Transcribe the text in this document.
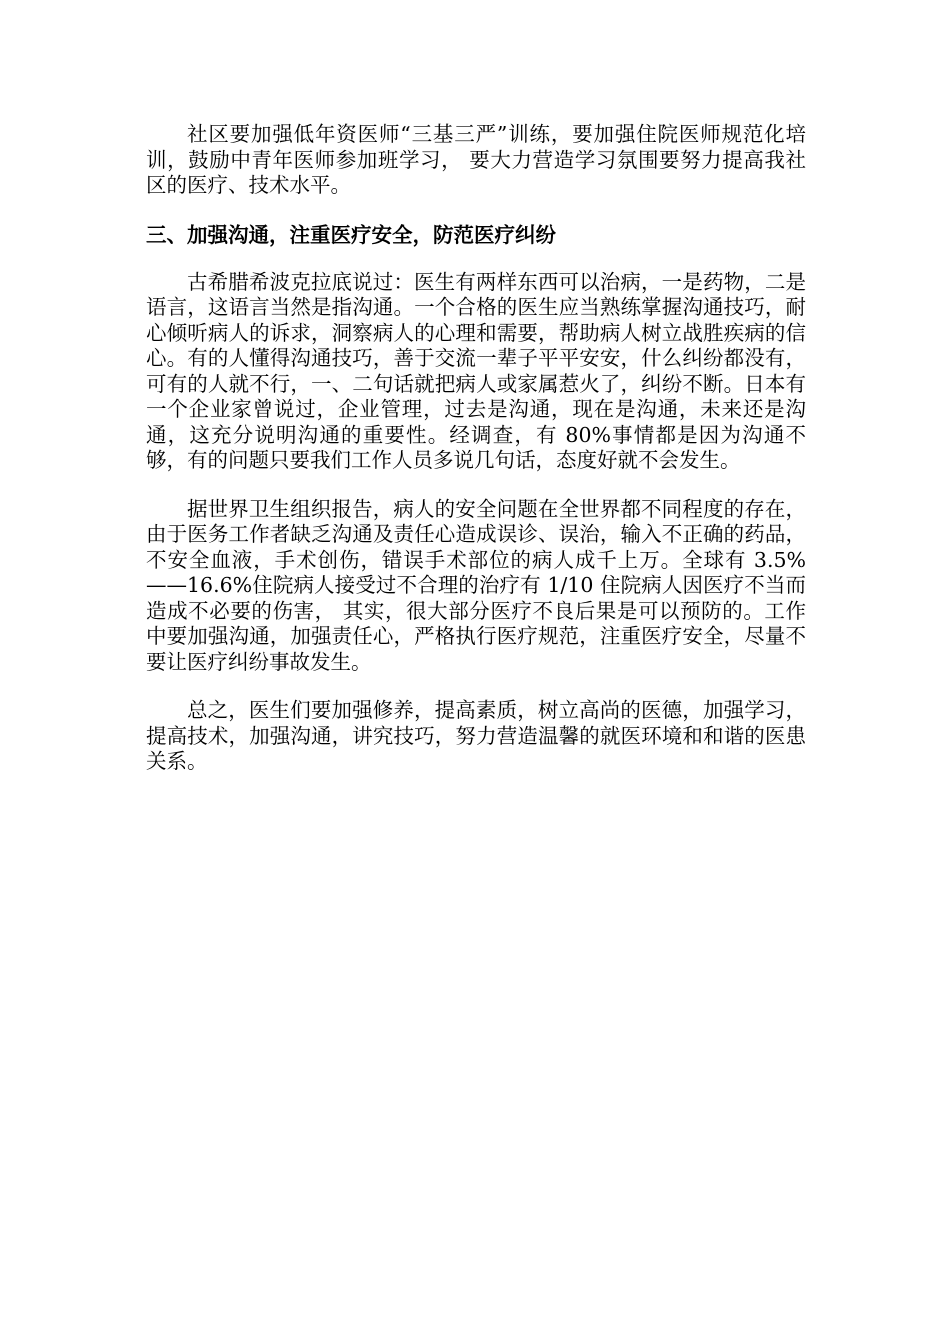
社区要加强低年资医师“三基三严”训练，要加强住院医师规范化培训，鼓励中青年医师参加班学习， 要大力营造学习氛围要努力提高我社区的医疗、技术水平。

三、加强沟通，注重医疗安全，防范医疗纠纷

古希腊希波克拉底说过：医生有两样东西可以治病，一是药物，二是语言，这语言当然是指沟通。一个合格的医生应当熟练掌握沟通技巧，耐心倾听病人的诉求，洞察病人的心理和需要，帮助病人树立战胜疾病的信心。有的人懂得沟通技巧，善于交流一辈子平平安安，什么纠纷都没有，可有的人就不行，一、二句话就把病人或家属惹火了，纠纷不断。日本有一个企业家曾说过，企业管理，过去是沟通，现在是沟通，未来还是沟通，这充分说明沟通的重要性。经调查，有 80%事情都是因为沟通不够，有的问题只要我们工作人员多说几句话，态度好就不会发生。

据世界卫生组织报告，病人的安全问题在全世界都不同程度的存在，由于医务工作者缺乏沟通及责任心造成误诊、误治，输入不正确的药品，不安全血液，手术创伤，错误手术部位的病人成千上万。全球有 3.5%——16.6%住院病人接受过不合理的治疗有 1/10 住院病人因医疗不当而造成不必要的伤害， 其实，很大部分医疗不良后果是可以预防的。工作中要加强沟通，加强责任心，严格执行医疗规范，注重医疗安全，尽量不要让医疗纠纷事故发生。

总之，医生们要加强修养，提高素质，树立高尚的医德，加强学习，提高技术，加强沟通，讲究技巧，努力营造温馨的就医环境和和谐的医患关系。
